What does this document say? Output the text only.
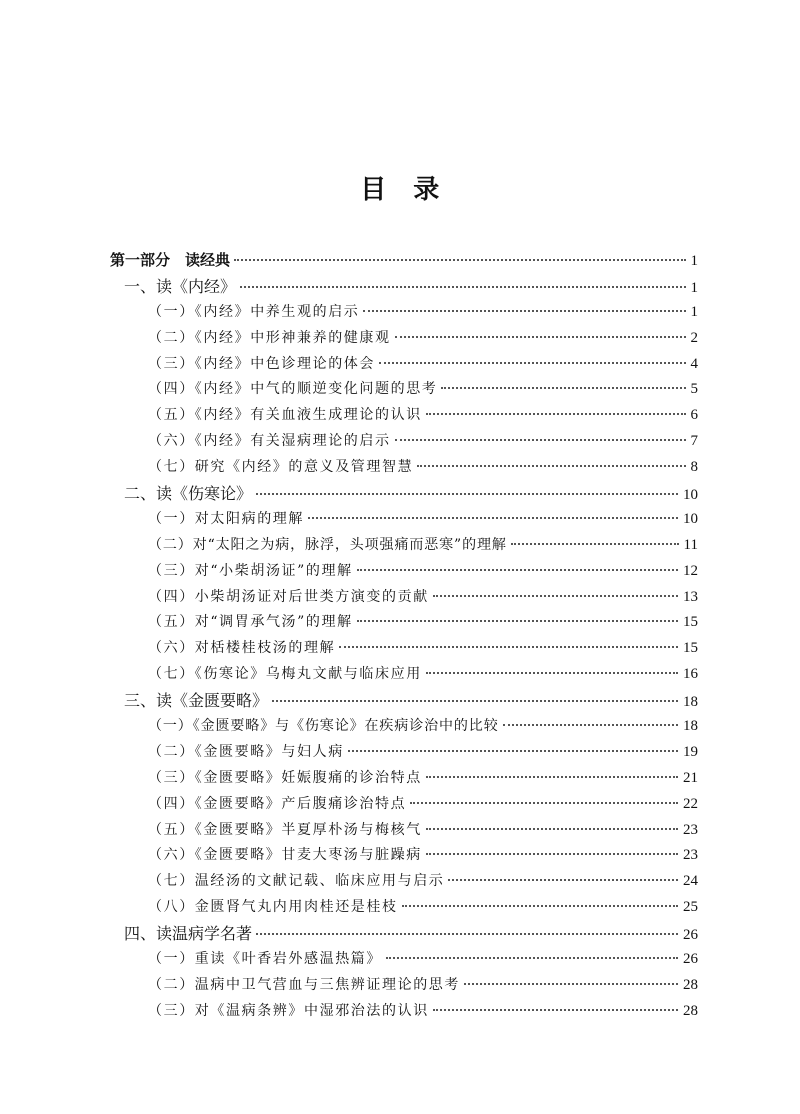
目　录
第一部分　读经典	1
一、读《内经》	1
（一）《内经》中养生观的启示	1
（二）《内经》中形神兼养的健康观	2
（三）《内经》中色诊理论的体会	4
（四）《内经》中气的顺逆变化问题的思考	5
（五）《内经》有关血液生成理论的认识	6
（六）《内经》有关湿病理论的启示	7
（七）研究《内经》的意义及管理智慧	8
二、读《伤寒论》	10
（一）对太阳病的理解	10
（二）对“太阳之为病，脉浮，头项强痛而恶寒”的理解	11
（三）对“小柴胡汤证”的理解	12
（四）小柴胡汤证对后世类方演变的贡献	13
（五）对“调胃承气汤”的理解	15
（六）对栝楼桂枝汤的理解	15
（七）《伤寒论》乌梅丸文献与临床应用	16
三、读《金匮要略》	18
（一）《金匮要略》与《伤寒论》在疾病诊治中的比较	18
（二）《金匮要略》与妇人病	19
（三）《金匮要略》妊娠腹痛的诊治特点	21
（四）《金匮要略》产后腹痛诊治特点	22
（五）《金匮要略》半夏厚朴汤与梅核气	23
（六）《金匮要略》甘麦大枣汤与脏躁病	23
（七）温经汤的文献记载、临床应用与启示	24
（八）金匮肾气丸内用肉桂还是桂枝	25
四、读温病学名著	26
（一）重读《叶香岩外感温热篇》	26
（二）温病中卫气营血与三焦辨证理论的思考	28
（三）对《温病条辨》中湿邪治法的认识	28
